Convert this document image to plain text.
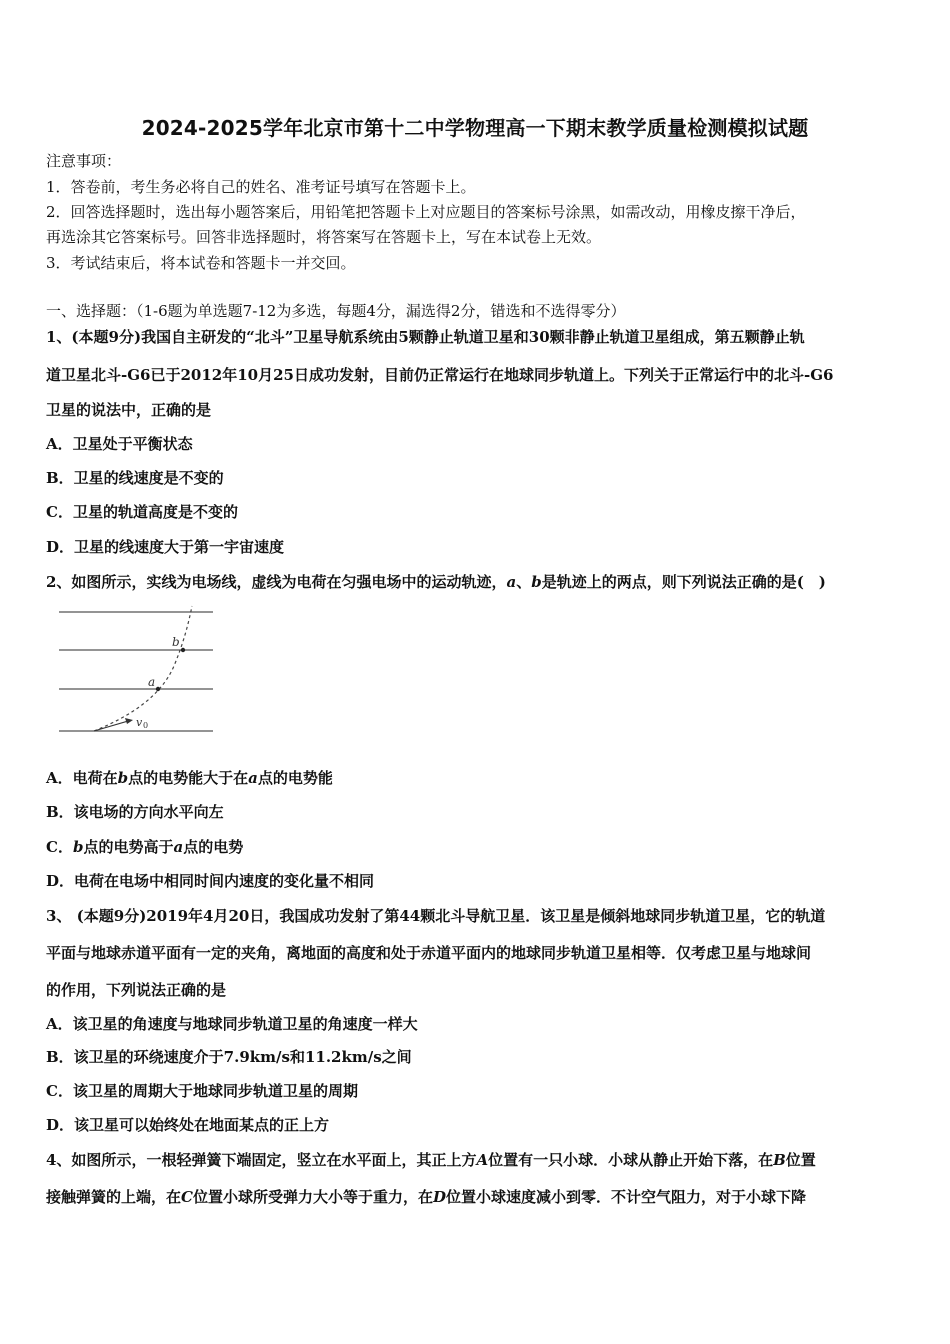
2024-2025学年北京市第十二中学物理高一下期末教学质量检测模拟试题
注意事项：
1．答卷前，考生务必将自己的姓名、准考证号填写在答题卡上。
2．回答选择题时，选出每小题答案后，用铅笔把答题卡上对应题目的答案标号涂黑，如需改动，用橡皮擦干净后，
再选涂其它答案标号。回答非选择题时，将答案写在答题卡上，写在本试卷上无效。
3．考试结束后，将本试卷和答题卡一并交回。
一、选择题：（1-6题为单选题7-12为多选，每题4分，漏选得2分，错选和不选得零分）
1、(本题9分)我国自主研发的“北斗”卫星导航系统由5颗静止轨道卫星和30颗非静止轨道卫星组成，第五颗静止轨
道卫星北斗-G6已于2012年10月25日成功发射，目前仍正常运行在地球同步轨道上。下列关于正常运行中的北斗-G6
卫星的说法中，正确的是
A．卫星处于平衡状态
B．卫星的线速度是不变的
C．卫星的轨道高度是不变的
D．卫星的线速度大于第一宇宙速度
2、如图所示，实线为电场线，虚线为电荷在匀强电场中的运动轨迹，a、b是轨迹上的两点，则下列说法正确的是(　)
b
a
v 0
A．电荷在b点的电势能大于在a点的电势能
B．该电场的方向水平向左
C．b点的电势高于a点的电势
D．电荷在电场中相同时间内速度的变化量不相同
3、 (本题9分)2019年4月20日，我国成功发射了第44颗北斗导航卫星．该卫星是倾斜地球同步轨道卫星，它的轨道
平面与地球赤道平面有一定的夹角，离地面的高度和处于赤道平面内的地球同步轨道卫星相等．仅考虑卫星与地球间
的作用，下列说法正确的是
A．该卫星的角速度与地球同步轨道卫星的角速度一样大
B．该卫星的环绕速度介于7.9km/s和11.2km/s之间
C．该卫星的周期大于地球同步轨道卫星的周期
D．该卫星可以始终处在地面某点的正上方
4、如图所示，一根轻弹簧下端固定，竖立在水平面上，其正上方A位置有一只小球．小球从静止开始下落，在B位置
接触弹簧的上端，在C位置小球所受弹力大小等于重力，在D位置小球速度减小到零．不计空气阻力，对于小球下降
